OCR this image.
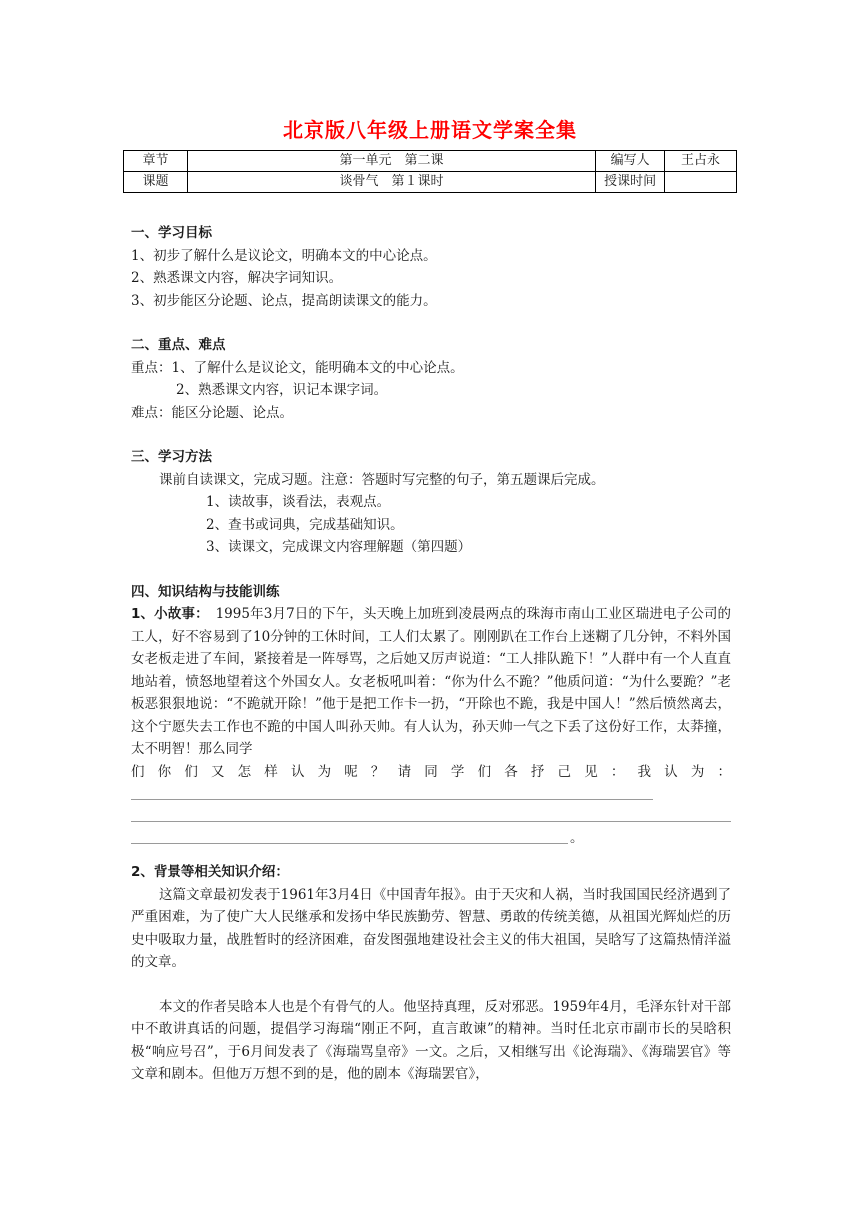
北京版八年级上册语文学案全集
章节	第一单元　第二课	编写人	王占永
课题	谈骨气　第１课时	授课时间	

一、学习目标

1、初步了解什么是议论文，明确本文的中心论点。

2、熟悉课文内容，解决字词知识。

3、初步能区分论题、论点，提高朗读课文的能力。

二、重点、难点

重点：1、了解什么是议论文，能明确本文的中心论点。

2、熟悉课文内容，识记本课字词。

难点：能区分论题、论点。

三、学习方法

课前自读课文，完成习题。注意：答题时写完整的句子，第五题课后完成。

1、读故事，谈看法，表观点。

2、查书或词典，完成基础知识。

3、读课文，完成课文内容理解题（第四题）

四、知识结构与技能训练

1、小故事：　1995年3月7日的下午，头天晚上加班到凌晨两点的珠海市南山工业区瑞进电子公司的工人，好不容易到了10分钟的工休时间，工人们太累了。刚刚趴在工作台上迷糊了几分钟，不料外国女老板走进了车间，紧接着是一阵辱骂，之后她又厉声说道：“工人排队跪下！”人群中有一个人直直地站着，愤怒地望着这个外国女人。女老板吼叫着：“你为什么不跪？”他质问道：“为什么要跪？”老板恶狠狠地说：“不跪就开除！”他于是把工作卡一扔，“开除也不跪，我是中国人！”然后愤然离去，这个宁愿失去工作也不跪的中国人叫孙天帅。有人认为，孙天帅一气之下丢了这份好工作，太莽撞，太不明智！那么同学

们你们又怎样认为呢？请同学们各抒己见：我认为：

。

2、背景等相关知识介绍：

这篇文章最初发表于1961年3月4日《中国青年报》。由于天灾和人祸，当时我国国民经济遇到了严重困难，为了使广大人民继承和发扬中华民族勤劳、智慧、勇敢的传统美德，从祖国光辉灿烂的历史中吸取力量，战胜暂时的经济困难，奋发图强地建设社会主义的伟大祖国，吴晗写了这篇热情洋溢的文章。

本文的作者吴晗本人也是个有骨气的人。他坚持真理，反对邪恶。1959年4月，毛泽东针对干部中不敢讲真话的问题，提倡学习海瑞“刚正不阿，直言敢谏”的精神。当时任北京市副市长的吴晗积极“响应号召”，于6月间发表了《海瑞骂皇帝》一文。之后，又相继写出《论海瑞》、《海瑞罢官》等文章和剧本。但他万万想不到的是，他的剧本《海瑞罢官》，
